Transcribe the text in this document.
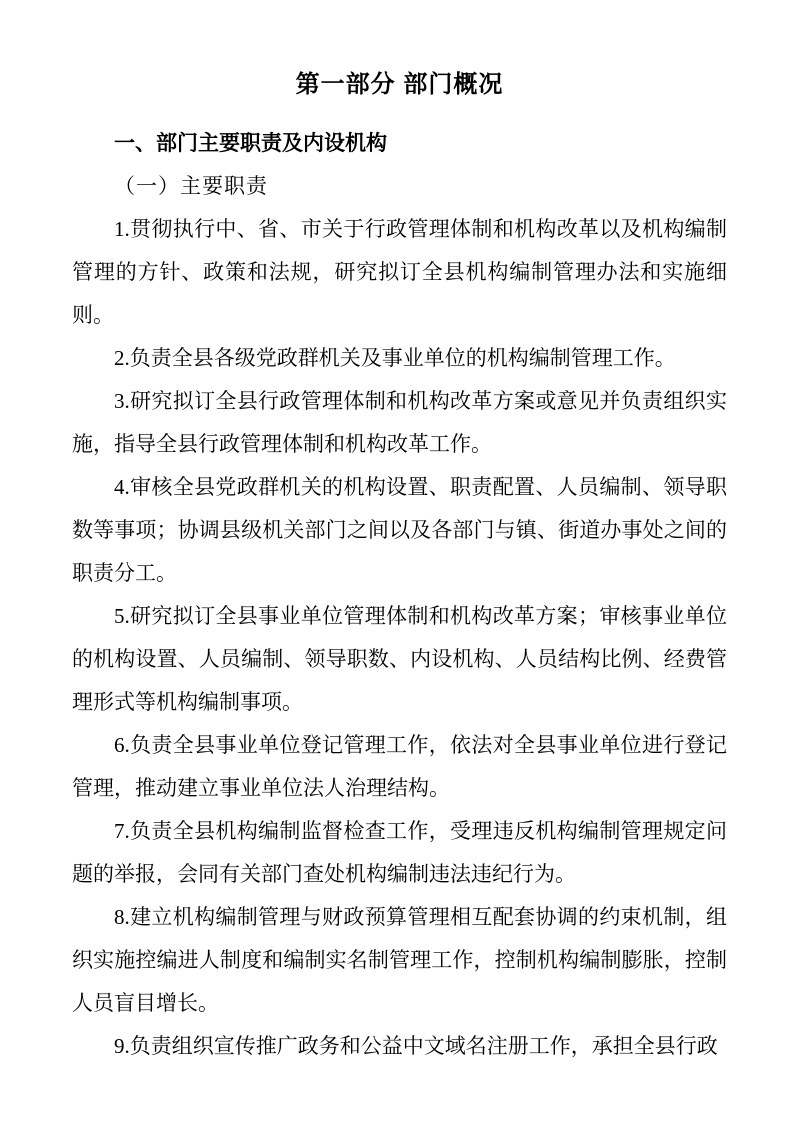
第一部分 部门概况
一、部门主要职责及内设机构

（一）主要职责

1.贯彻执行中、省、市关于行政管理体制和机构改革以及机构编制管理的方针、政策和法规，研究拟订全县机构编制管理办法和实施细则。

2.负责全县各级党政群机关及事业单位的机构编制管理工作。

3.研究拟订全县行政管理体制和机构改革方案或意见并负责组织实施，指导全县行政管理体制和机构改革工作。

4.审核全县党政群机关的机构设置、职责配置、人员编制、领导职数等事项；协调县级机关部门之间以及各部门与镇、街道办事处之间的职责分工。

5.研究拟订全县事业单位管理体制和机构改革方案；审核事业单位的机构设置、人员编制、领导职数、内设机构、人员结构比例、经费管理形式等机构编制事项。

6.负责全县事业单位登记管理工作，依法对全县事业单位进行登记管理，推动建立事业单位法人治理结构。

7.负责全县机构编制监督检查工作，受理违反机构编制管理规定问题的举报，会同有关部门查处机构编制违法违纪行为。

8.建立机构编制管理与财政预算管理相互配套协调的约束机制，组织实施控编进人制度和编制实名制管理工作，控制机构编制膨胀，控制人员盲目增长。

9.负责组织宣传推广政务和公益中文域名注册工作，承担全县行政
